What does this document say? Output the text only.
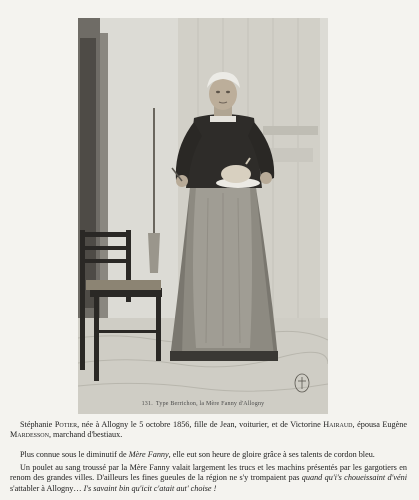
131. Type Berrichon, la Mère Fanny d'Allogny

Stéphanie Potier, née à Allogny le 5 octobre 1856, fille de Jean, voiturier, et de Victorine Hairaud, épousa Eugène Mardesson, marchand d'bestiaux.

Plus connue sous le diminutif de Mère Fanny, elle eut son heure de gloire grâce à ses talents de cordon bleu.

Un poulet au sang troussé par la Mère Fanny valait largement les trucs et les machins présentés par les gargotiers en renom des grandes villes. D'ailleurs les fines gueules de la région ne s'y trompaient pas quand qu'i's choueissaint d'véni s'attabler à Allogny… I's savaint bin qu'icit c'atait aut' choise !
